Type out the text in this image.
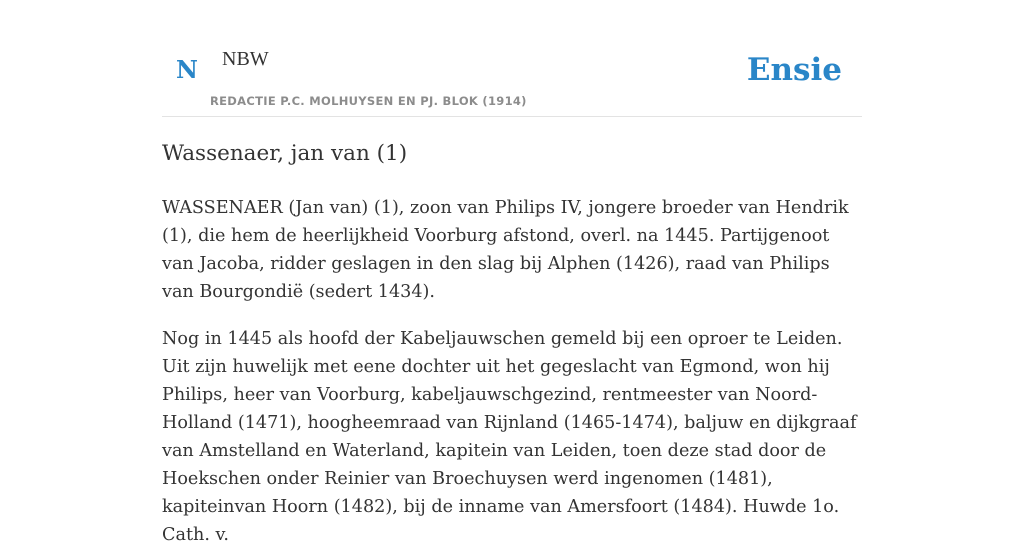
N NBW
REDACTIE P.C. MOLHUYSEN EN PJ. BLOK (1914)
Ensie
Wassenaer, jan van (1)

WASSENAER (Jan van) (1), zoon van Philips IV, jongere broeder van Hendrik (1), die hem de heerlijkheid Voorburg afstond, overl. na 1445. Partijgenoot van Jacoba, ridder geslagen in den slag bij Alphen (1426), raad van Philips van Bourgondië (sedert 1434).

Nog in 1445 als hoofd der Kabeljauwschen gemeld bij een oproer te Leiden. Uit zijn huwelijk met eene dochter uit het gegeslacht van Egmond, won hij Philips, heer van Voorburg, kabeljauwschgezind, rentmeester van Noord-Holland (1471), hoogheemraad van Rijnland (1465-1474), baljuw en dijkgraaf van Amstelland en Waterland, kapitein van Leiden, toen deze stad door de Hoekschen onder Reinier van Broechuysen werd ingenomen (1481), kapiteinvan Hoorn (1482), bij de inname van Amersfoort (1484). Huwde 1o. Cath. v.
